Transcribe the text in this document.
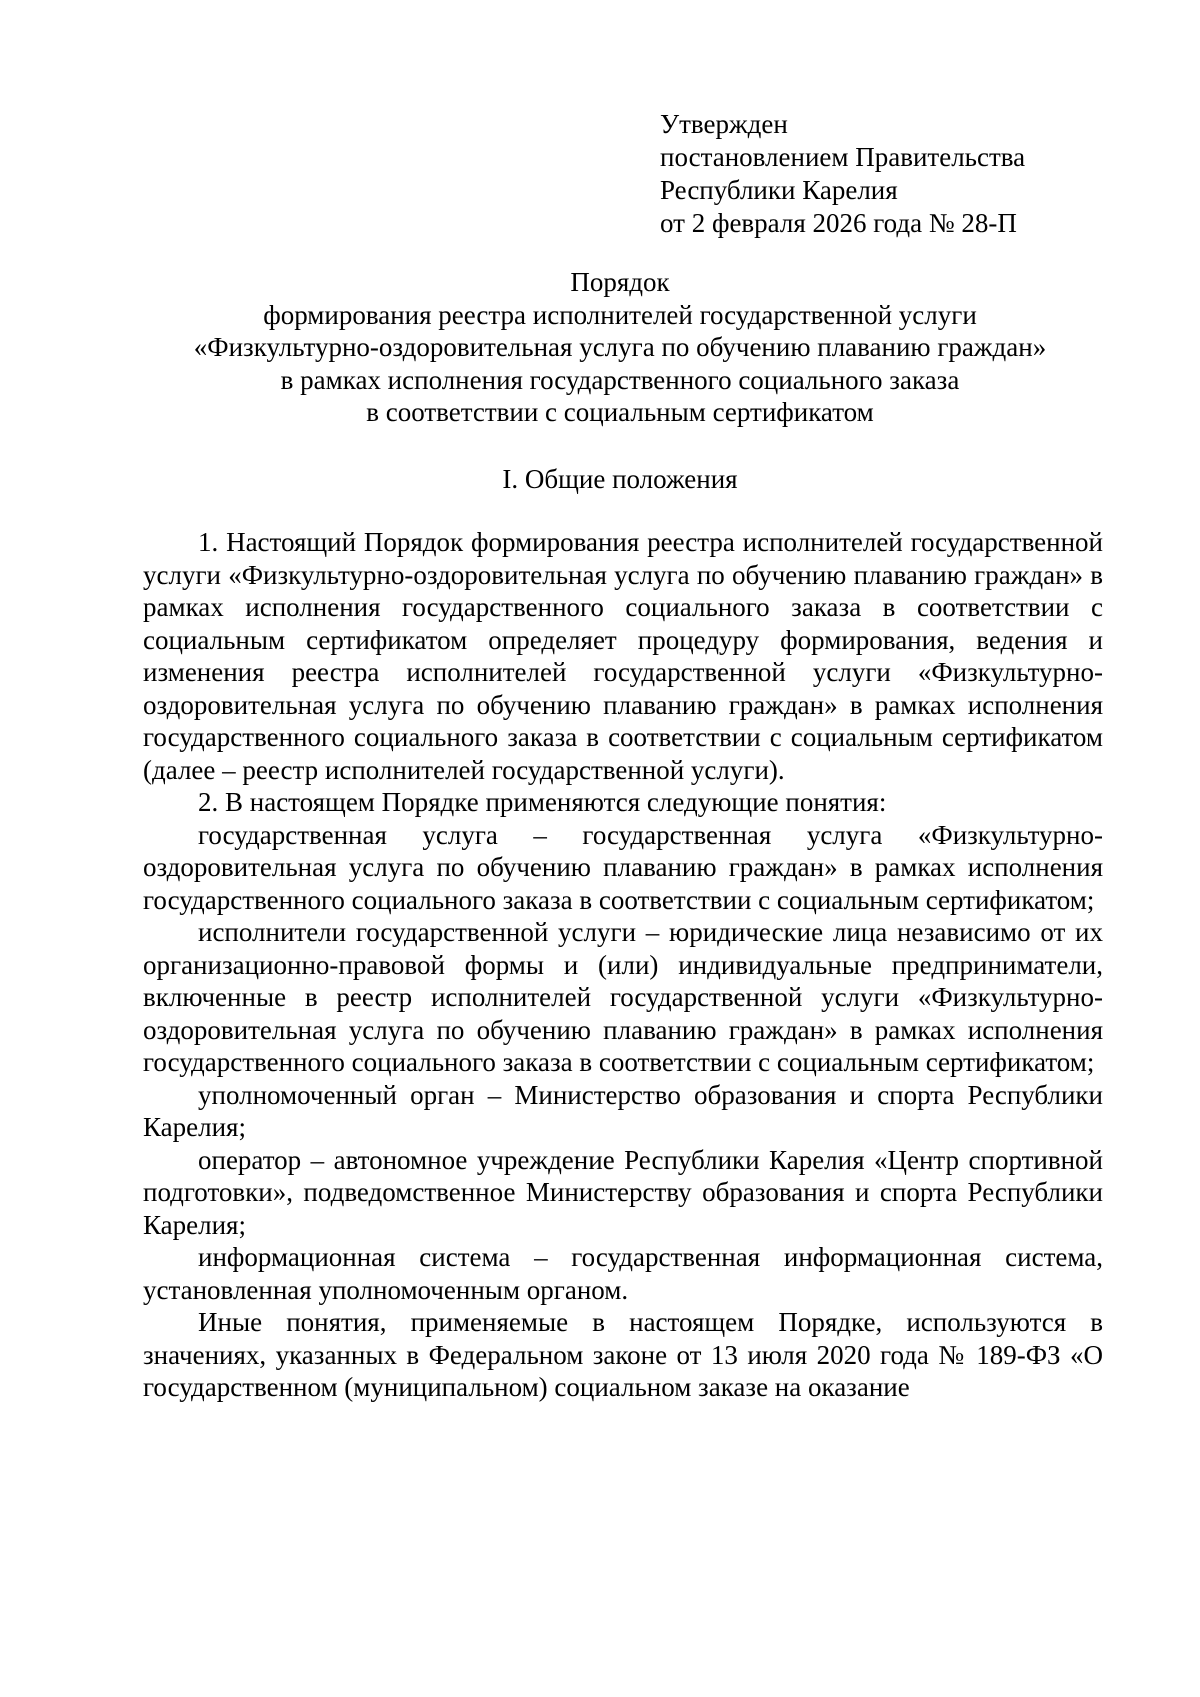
Утвержден
постановлением Правительства
Республики Карелия
от 2 февраля 2026 года № 28-П
Порядок
формирования реестра исполнителей государственной услуги
«Физкультурно-оздоровительная услуга по обучению плаванию граждан»
в рамках исполнения государственного социального заказа
в соответствии с социальным сертификатом
I. Общие положения

1. Настоящий Порядок формирования реестра исполнителей государственной услуги «Физкультурно-оздоровительная услуга по обучению плаванию граждан» в рамках исполнения государственного социального заказа в соответствии с социальным сертификатом определяет процедуру формирования, ведения и изменения реестра исполнителей государственной услуги «Физкультурно-оздоровительная услуга по обучению плаванию граждан» в рамках исполнения государственного социального заказа в соответствии с социальным сертификатом (далее – реестр исполнителей государственной услуги).

2. В настоящем Порядке применяются следующие понятия:

государственная услуга – государственная услуга «Физкультурно-оздоровительная услуга по обучению плаванию граждан» в рамках исполнения государственного социального заказа в соответствии с социальным сертификатом;

исполнители государственной услуги – юридические лица независимо от их организационно-правовой формы и (или) индивидуальные предприниматели, включенные в реестр исполнителей государственной услуги «Физкультурно-оздоровительная услуга по обучению плаванию граждан» в рамках исполнения государственного социального заказа в соответствии с социальным сертификатом;

уполномоченный орган – Министерство образования и спорта Республики Карелия;

оператор – автономное учреждение Республики Карелия «Центр спортивной подготовки», подведомственное Министерству образования и спорта Республики Карелия;

информационная система – государственная информационная система, установленная уполномоченным органом.

Иные понятия, применяемые в настоящем Порядке, используются в значениях, указанных в Федеральном законе от 13 июля 2020 года № 189-ФЗ «О государственном (муниципальном) социальном заказе на оказание
